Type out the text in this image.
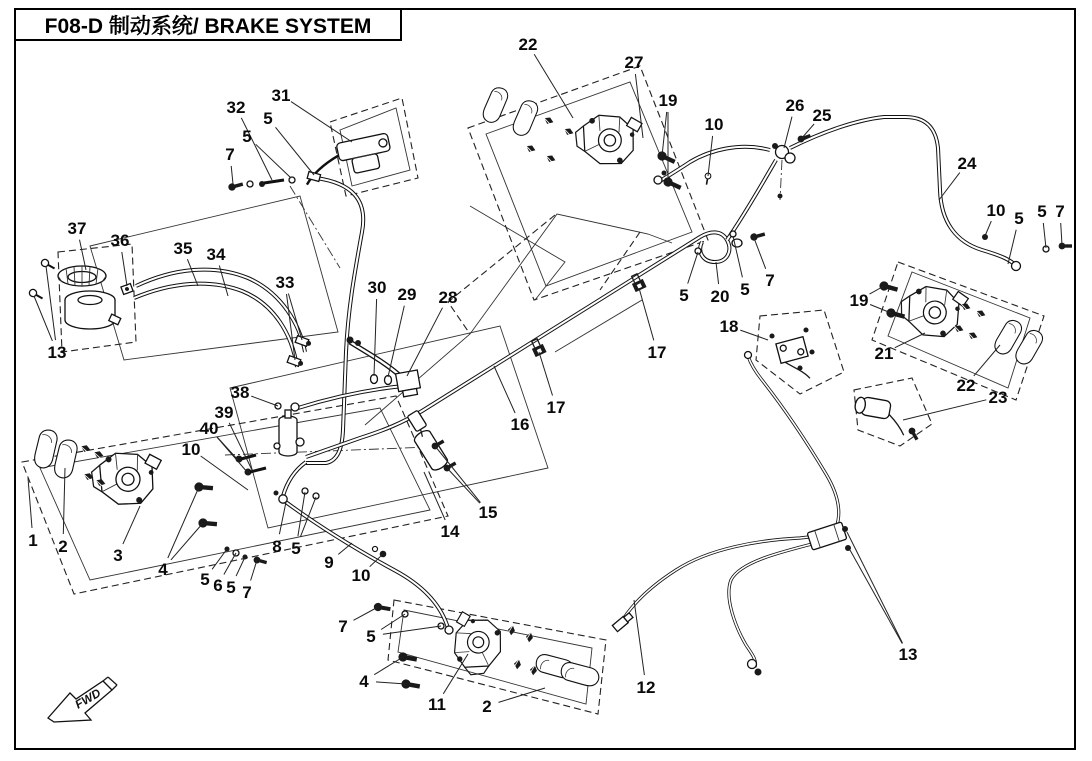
FWD
22
27
19
10
26
25
24
10 5 5 7
19
21
22
23
31
32
5
5
7
37
36	35 34
13
33	30 29 28
17
18
20
5	5 7
16
17
14
15
38
39
40
10
1 2	3
4
5 6 5 7
8 5
9
10
7
5
4
11 2
12
13
F08-D 制动系统/ BRAKE SYSTEM
